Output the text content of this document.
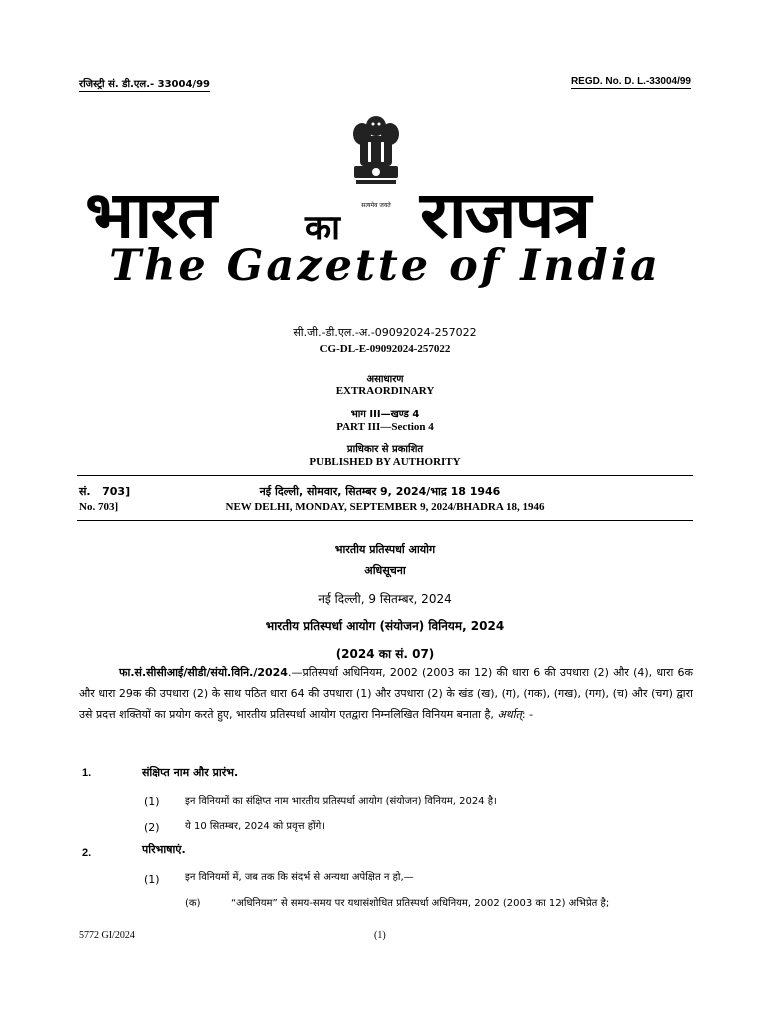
रजिस्ट्री सं. डी.एल.- 33004/99	REGD. No. D. L.-33004/99
सत्यमेव जयते
भारत	का राजपत्र
The Gazette of India
सी.जी.-डी.एल.-अ.-09092024-257022
CG-DL-E-09092024-257022
असाधारण
EXTRAORDINARY
भाग III—खण्ड 4
PART III—Section 4
प्राधिकार से प्रकाशित
PUBLISHED BY AUTHORITY
सं.   703]
No. 703]
नई दिल्ली, सोमवार, सितम्बर 9, 2024/भाद्र 18 1946
NEW DELHI, MONDAY, SEPTEMBER 9, 2024/BHADRA 18, 1946
भारतीय प्रतिस्पर्धा आयोग
अधिसूचना
नई दिल्ली, 9 सितम्बर, 2024
भारतीय प्रतिस्पर्धा आयोग (संयोजन) विनियम, 2024
(2024 का सं. 07)
फा.सं.सीसीआई/सीडी/संयो.विनि./2024.—प्रतिस्पर्धा अधिनियम, 2002 (2003 का 12) की धारा 6 की उपधारा (2) और (4), धारा 6क और धारा 29क की उपधारा (2) के साथ पठित धारा 64 की उपधारा (1) और उपधारा (2) के खंड (ख), (ग), (गक), (गख), (गग), (च) और (चग) द्वारा उसे प्रदत्त शक्तियों का प्रयोग करते हुए, भारतीय प्रतिस्पर्धा आयोग एतद्वारा निम्नलिखित विनियम बनाता है, अर्थात्: -
1.	संक्षिप्त नाम और प्रारंभ.
(1)	इन विनियमों का संक्षिप्त नाम भारतीय प्रतिस्पर्धा आयोग (संयोजन) विनियम, 2024 है।
(2)	ये 10 सितम्बर, 2024 को प्रवृत्त होंगे।
2.	परिभाषाएं.
(1)	इन विनियमों में, जब तक कि संदर्भ से अन्यथा अपेक्षित न हो,—
(क)	“अधिनियम” से समय-समय पर यथासंशोधित प्रतिस्पर्धा अधिनियम, 2002 (2003 का 12) अभिप्रेत है;
5772 GI/2024	(1)
